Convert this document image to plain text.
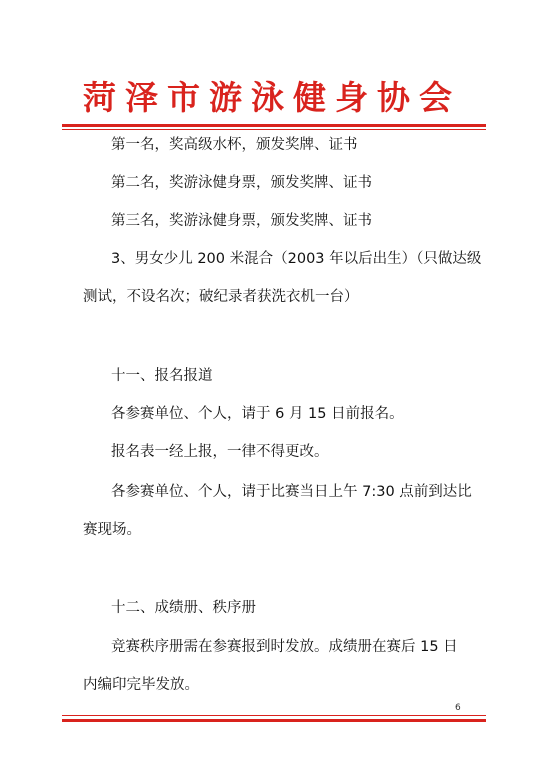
菏泽市游泳健身协会
第一名，奖高级水杯，颁发奖牌、证书
第二名，奖游泳健身票，颁发奖牌、证书
第三名，奖游泳健身票，颁发奖牌、证书
3、男女少儿 200 米混合（2003 年以后出生）（只做达级
测试，不设名次；破纪录者获洗衣机一台）
十一、报名报道
各参赛单位、个人，请于 6 月 15 日前报名。
报名表一经上报，一律不得更改。
各参赛单位、个人，请于比赛当日上午 7:30 点前到达比
赛现场。
十二、成绩册、秩序册
竞赛秩序册需在参赛报到时发放。成绩册在赛后 15 日
内编印完毕发放。
6
